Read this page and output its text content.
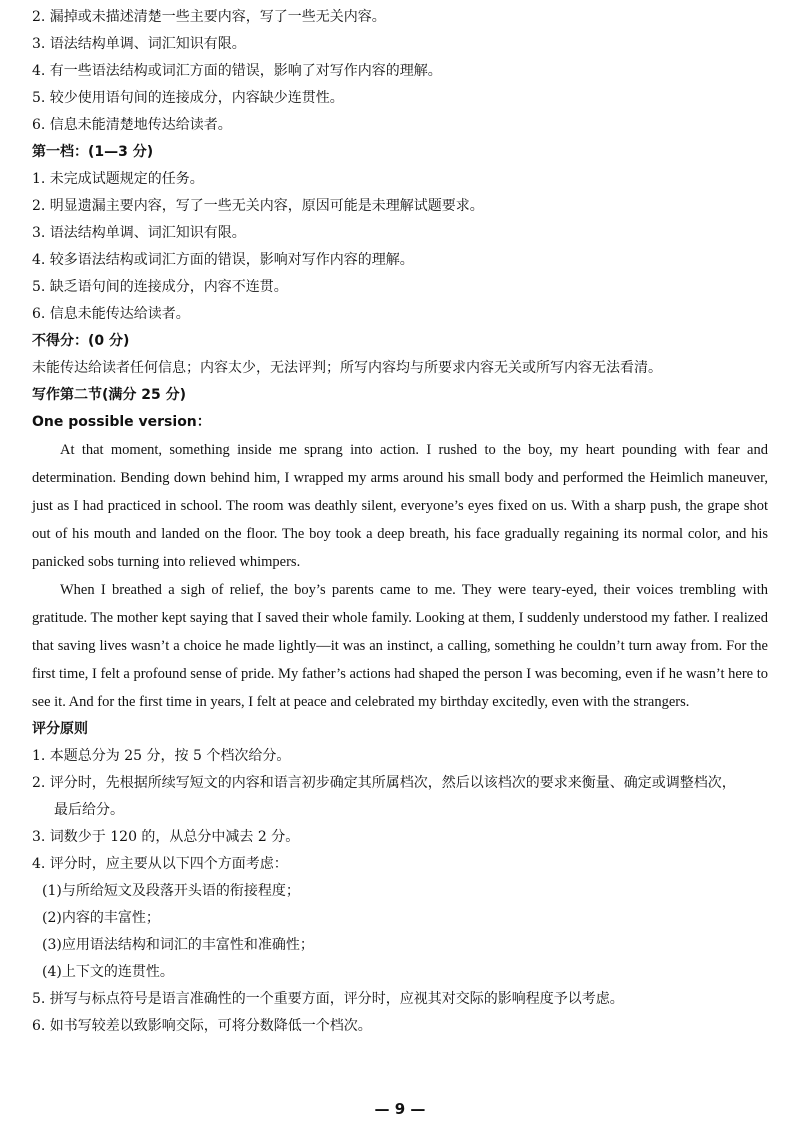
2. 漏掉或未描述清楚一些主要内容，写了一些无关内容。
3. 语法结构单调、词汇知识有限。
4. 有一些语法结构或词汇方面的错误，影响了对写作内容的理解。
5. 较少使用语句间的连接成分，内容缺少连贯性。
6. 信息未能清楚地传达给读者。
第一档：(1—3 分)
1. 未完成试题规定的任务。
2. 明显遗漏主要内容，写了一些无关内容，原因可能是未理解试题要求。
3. 语法结构单调、词汇知识有限。
4. 较多语法结构或词汇方面的错误，影响对写作内容的理解。
5. 缺乏语句间的连接成分，内容不连贯。
6. 信息未能传达给读者。
不得分：(0 分)
未能传达给读者任何信息；内容太少，无法评判；所写内容均与所要求内容无关或所写内容无法看清。
写作第二节(满分 25 分)
One possible version：

At that moment, something inside me sprang into action. I rushed to the boy, my heart pounding with fear and determination. Bending down behind him, I wrapped my arms around his small body and performed the Heimlich maneuver, just as I had practiced in school. The room was deathly silent, everyone’s eyes fixed on us. With a sharp push, the grape shot out of his mouth and landed on the floor. The boy took a deep breath, his face gradually regaining its normal color, and his panicked sobs turning into relieved whimpers.

When I breathed a sigh of relief, the boy’s parents came to me. They were teary-eyed, their voices trembling with gratitude. The mother kept saying that I saved their whole family. Looking at them, I suddenly understood my father. I realized that saving lives wasn’t a choice he made lightly—it was an instinct, a calling, something he couldn’t turn away from. For the first time, I felt a profound sense of pride. My father’s actions had shaped the person I was becoming, even if he wasn’t here to see it. And for the first time in years, I felt at peace and celebrated my birthday excitedly, even with the strangers.

评分原则
1. 本题总分为 25 分，按 5 个档次给分。
2. 评分时，先根据所续写短文的内容和语言初步确定其所属档次，然后以该档次的要求来衡量、确定或调整档次，
最后给分。
3. 词数少于 120 的，从总分中减去 2 分。
4. 评分时，应主要从以下四个方面考虑：
(1)与所给短文及段落开头语的衔接程度；
(2)内容的丰富性；
(3)应用语法结构和词汇的丰富性和准确性；
(4)上下文的连贯性。
5. 拼写与标点符号是语言准确性的一个重要方面，评分时，应视其对交际的影响程度予以考虑。
6. 如书写较差以致影响交际，可将分数降低一个档次。
— 9 —
